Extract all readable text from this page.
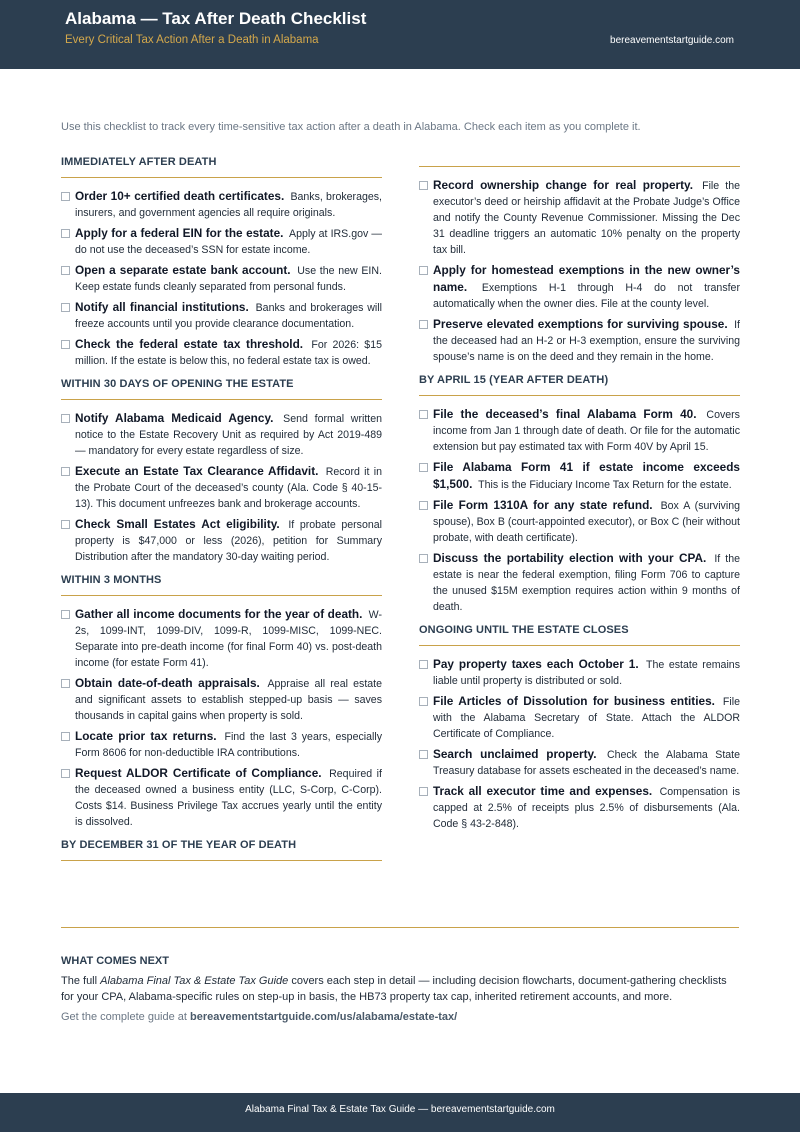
Alabama — Tax After Death Checklist
Every Critical Tax Action After a Death in Alabama	bereavementstartguide.com
Use this checklist to track every time-sensitive tax action after a death in Alabama. Check each item as you complete it.
IMMEDIATELY AFTER DEATH
Order 10+ certified death certificates. Banks, brokerages, insurers, and government agencies all require originals.
Apply for a federal EIN for the estate. Apply at IRS.gov — do not use the deceased’s SSN for estate income.
Open a separate estate bank account. Use the new EIN. Keep estate funds cleanly separated from personal funds.
Notify all financial institutions. Banks and brokerages will freeze accounts until you provide clearance documentation.
Check the federal estate tax threshold. For 2026: $15 million. If the estate is below this, no federal estate tax is owed.
WITHIN 30 DAYS OF OPENING THE ESTATE
Notify Alabama Medicaid Agency. Send formal written notice to the Estate Recovery Unit as required by Act 2019-489 — mandatory for every estate regardless of size.
Execute an Estate Tax Clearance Affidavit. Record it in the Probate Court of the deceased’s county (Ala. Code § 40-15-13). This document unfreezes bank and brokerage accounts.
Check Small Estates Act eligibility. If probate personal property is $47,000 or less (2026), petition for Summary Distribution after the mandatory 30-day waiting period.
WITHIN 3 MONTHS
Gather all income documents for the year of death. W-2s, 1099-INT, 1099-DIV, 1099-R, 1099-MISC, 1099-NEC. Separate into pre-death income (for final Form 40) vs. post-death income (for estate Form 41).
Obtain date-of-death appraisals. Appraise all real estate and significant assets to establish stepped-up basis — saves thousands in capital gains when property is sold.
Locate prior tax returns. Find the last 3 years, especially Form 8606 for non-deductible IRA contributions.
Request ALDOR Certificate of Compliance. Required if the deceased owned a business entity (LLC, S-Corp, C-Corp). Costs $14. Business Privilege Tax accrues yearly until the entity is dissolved.
BY DECEMBER 31 OF THE YEAR OF DEATH
Record ownership change for real property. File the executor’s deed or heirship affidavit at the Probate Judge’s Office and notify the County Revenue Commissioner. Missing the Dec 31 deadline triggers an automatic 10% penalty on the property tax bill.
Apply for homestead exemptions in the new owner’s name. Exemptions H-1 through H-4 do not transfer automatically when the owner dies. File at the county level.
Preserve elevated exemptions for surviving spouse. If the deceased had an H-2 or H-3 exemption, ensure the surviving spouse’s name is on the deed and they remain in the home.
BY APRIL 15 (YEAR AFTER DEATH)
File the deceased’s final Alabama Form 40. Covers income from Jan 1 through date of death. Or file for the automatic extension but pay estimated tax with Form 40V by April 15.
File Alabama Form 41 if estate income exceeds $1,500. This is the Fiduciary Income Tax Return for the estate.
File Form 1310A for any state refund. Box A (surviving spouse), Box B (court-appointed executor), or Box C (heir without probate, with death certificate).
Discuss the portability election with your CPA. If the estate is near the federal exemption, filing Form 706 to capture the unused $15M exemption requires action within 9 months of death.
ONGOING UNTIL THE ESTATE CLOSES
Pay property taxes each October 1. The estate remains liable until property is distributed or sold.
File Articles of Dissolution for business entities. File with the Alabama Secretary of State. Attach the ALDOR Certificate of Compliance.
Search unclaimed property. Check the Alabama State Treasury database for assets escheated in the deceased’s name.
Track all executor time and expenses. Compensation is capped at 2.5% of receipts plus 2.5% of disbursements (Ala. Code § 43-2-848).
WHAT COMES NEXT
The full Alabama Final Tax & Estate Tax Guide covers each step in detail — including decision flowcharts, document-gathering checklists for your CPA, Alabama-specific rules on step-up in basis, the HB73 property tax cap, inherited retirement accounts, and more.
Get the complete guide at bereavementstartguide.com/us/alabama/estate-tax/
Alabama Final Tax & Estate Tax Guide — bereavementstartguide.com
